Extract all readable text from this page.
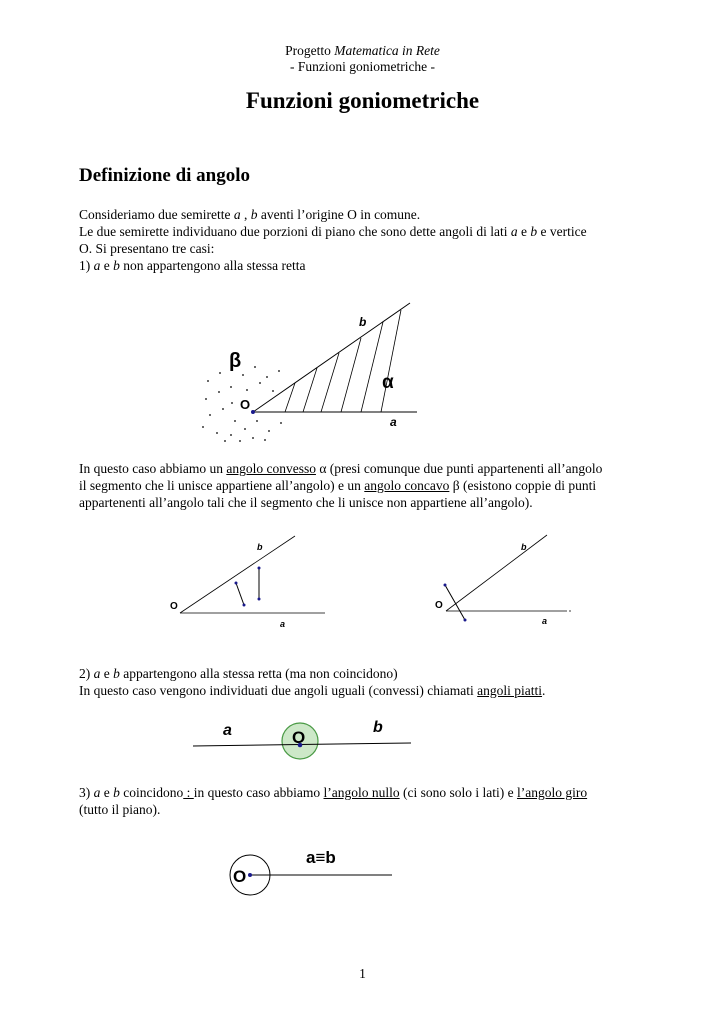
Progetto Matematica in Rete
- Funzioni goniometriche -
Funzioni goniometriche
Definizione di angolo
Consideriamo due semirette a , b aventi l’origine O in comune.
Le due semirette individuano due porzioni di piano che sono dette angoli di lati a e b e vertice
O. Si presentano tre casi:
1) a e b non appartengono alla stessa retta
b
β
α
O
a
In questo caso abbiamo un angolo convesso α (presi comunque due punti appartenenti all’angolo
il segmento che li unisce appartiene all’angolo) e un angolo concavo β (esistono coppie di punti
appartenenti all’angolo tali che il segmento che li unisce non appartiene all’angolo).
b
O
a
b
O
a
2) a e b appartengono alla stessa retta (ma non coincidono)
In questo caso vengono individuati due angoli uguali (convessi) chiamati angoli piatti.
a	O
b
3) a e b coincidono : in questo caso abbiamo l’angolo nullo (ci sono solo i lati) e l’angolo giro
(tutto il piano).
a≡b
O
1
